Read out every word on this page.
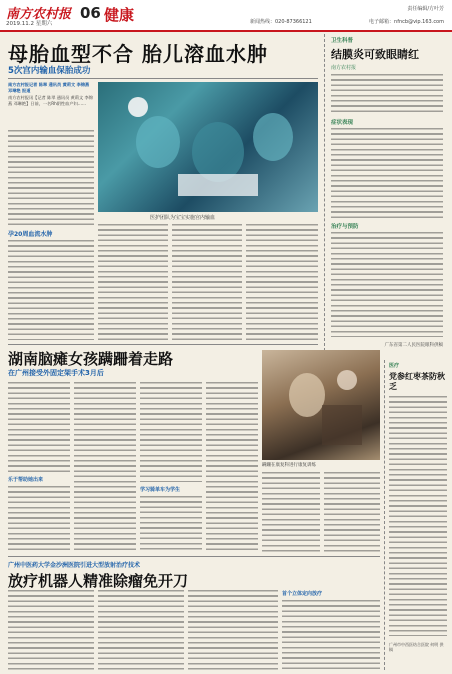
南方农村报
2019.11.2 星期六
06 健康	责任编辑/方叶芳
新闻热线：020-87366121	电子邮箱：nfncb@vip.163.com
母胎血型不合 胎儿溶血水肿
5次宫内输血保胎成功
南方农村报记者 陈翠 通讯员 黄莉文 李锦燕 邓琳艳 报道
南方农村报讯【记者 陈翠 通讯员 黄莉文 李锦燕 邓琳艳】日前，一名Rh阴性血产妇……
孕20周血流水肿
医护团队为宝宝实施宫内输血
卫生科普
结膜炎可致眼睛红
南方农村报
症状表现
治疗与预防
广东省第二人民医院眼科供稿
湖南脑瘫女孩蹒跚着走路
在广州接受外固定架手术3月后
乐于帮助她出来
学习骑单车为学生
蹒跚在康复科进行康复训练
医疗
党参红枣茶防秋乏
广州市中西医结合医院 何明 供稿
广州中医药大学金沙洲医院引进大型放射治疗技术
放疗机器人精准除瘤免开刀
首个立体定向放疗
